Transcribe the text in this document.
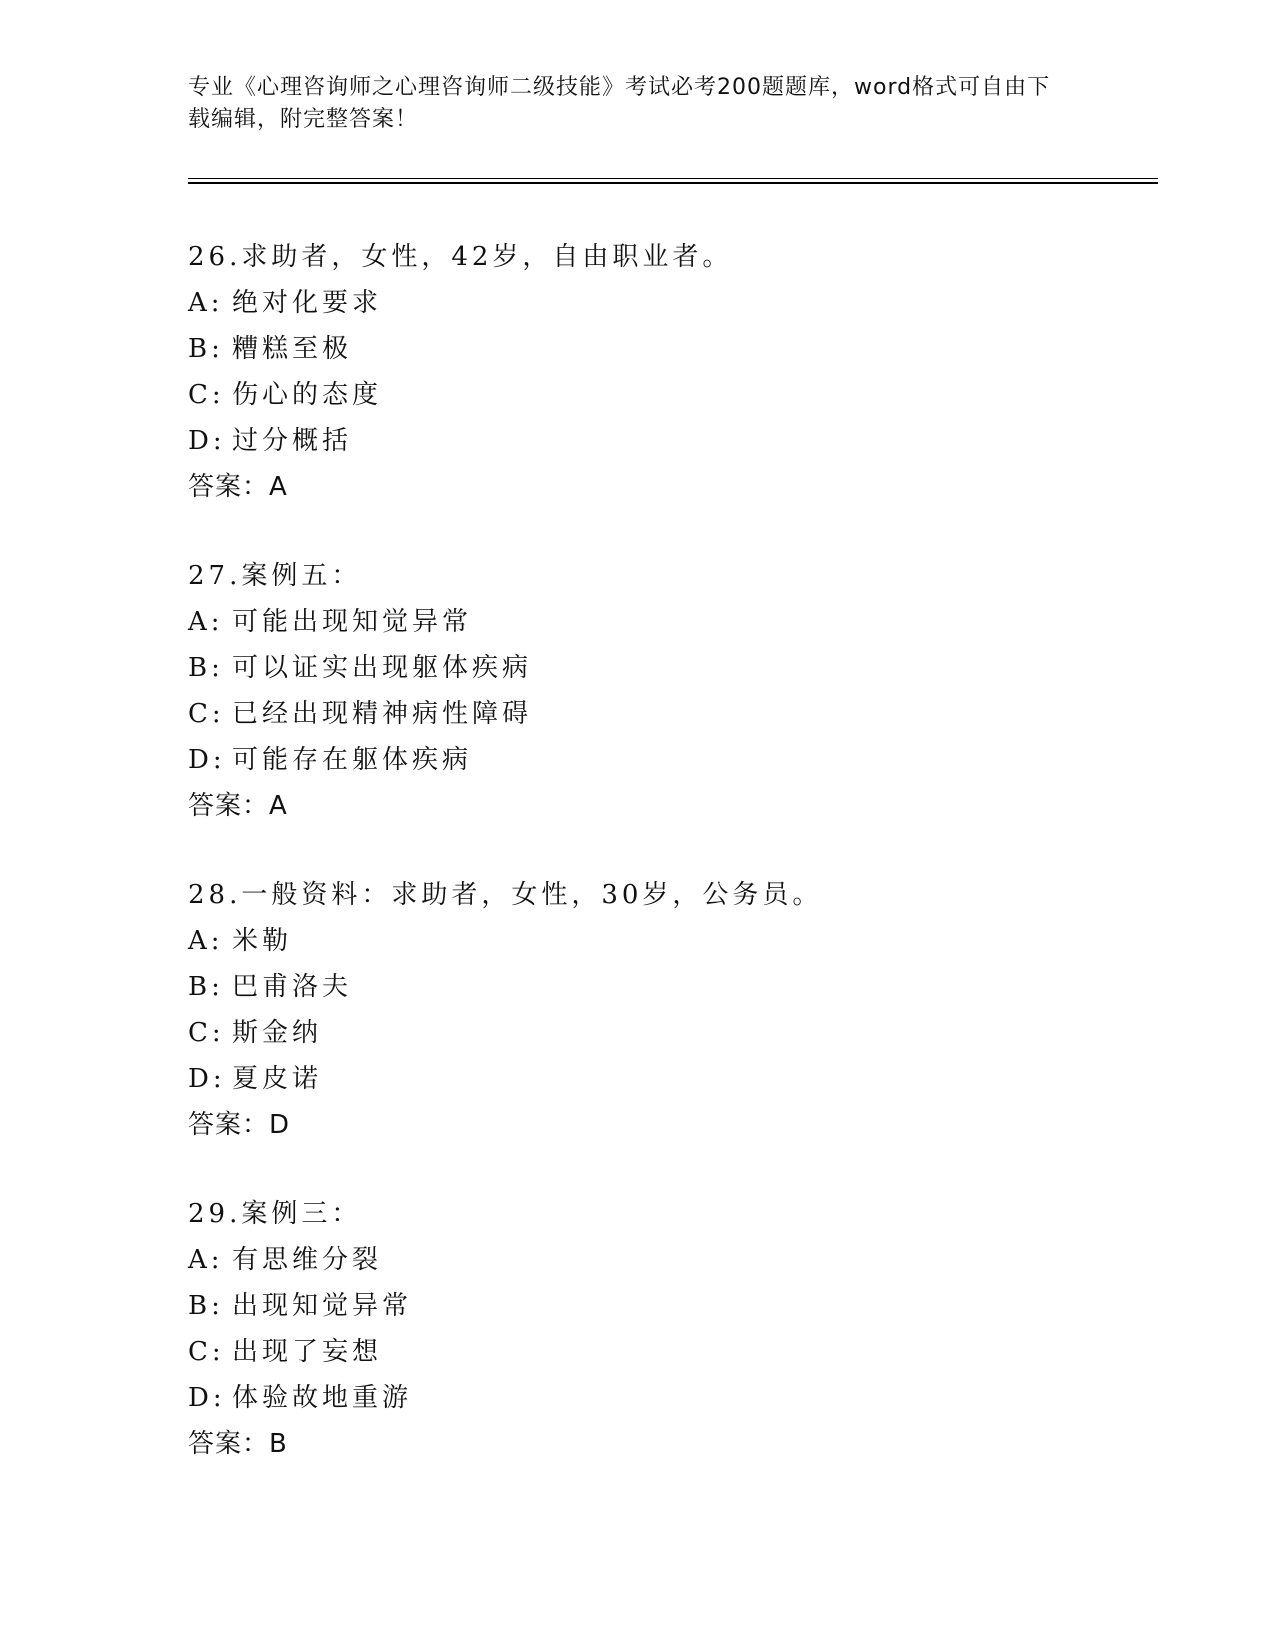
专业《心理咨询师之心理咨询师二级技能》考试必考200题题库，word格式可自由下载编辑，附完整答案！
26.求助者，女性，42岁，自由职业者。
A: 绝对化要求
B: 糟糕至极
C: 伤心的态度
D: 过分概括
答案：A
27.案例五：
A: 可能出现知觉异常
B: 可以证实出现躯体疾病
C: 已经出现精神病性障碍
D: 可能存在躯体疾病
答案：A
28.一般资料：求助者，女性，30岁，公务员。
A: 米勒
B: 巴甫洛夫
C: 斯金纳
D: 夏皮诺
答案：D
29.案例三：
A: 有思维分裂
B: 出现知觉异常
C: 出现了妄想
D: 体验故地重游
答案：B
